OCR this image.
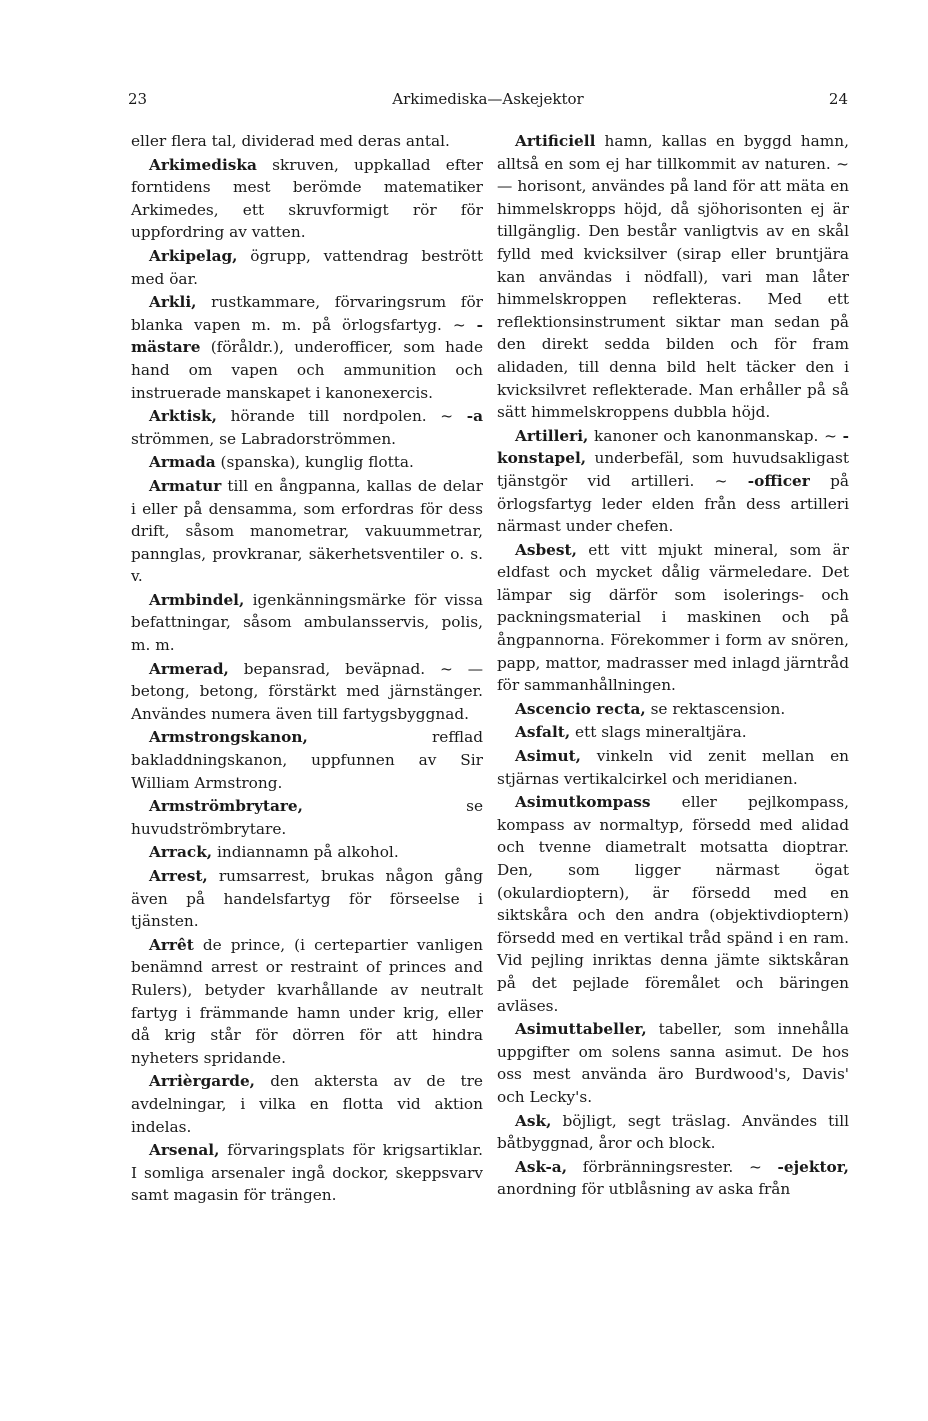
23	Arkimediska—Askejektor	24

eller flera tal, dividerad med deras antal.

Arkimediska skruven, uppkallad efter forntidens mest berömde matematiker Arkimedes, ett skruvformigt rör för uppfordring av vatten.

Arkipelag, ögrupp, vattendrag bestrött med öar.

Arkli, rustkammare, förvaringsrum för blanka vapen m. m. på örlogsfartyg. ~ -mästare (föråldr.), underofficer, som hade hand om vapen och ammunition och instruerade manskapet i kanonexercis.

Arktisk, hörande till nordpolen. ~ -a strömmen, se Labradorströmmen.

Armada (spanska), kunglig flotta.

Armatur till en ångpanna, kallas de delar i eller på densamma, som erfordras för dess drift, såsom manometrar, vakuummetrar, pannglas, provkranar, säkerhetsventiler o. s. v.

Armbindel, igenkänningsmärke för vissa befattningar, såsom ambulansservis, polis, m. m.

Armerad, bepansrad, beväpnad. ~ — betong, betong, förstärkt med järnstänger. Användes numera även till fartygsbyggnad.

Armstrongskanon, refflad bakladdningskanon, uppfunnen av Sir William Armstrong.

Armströmbrytare, se huvudströmbrytare.

Arrack, indiannamn på alkohol.

Arrest, rumsarrest, brukas någon gång även på handelsfartyg för förseelse i tjänsten.

Arrêt de prince, (i certepartier vanligen benämnd arrest or restraint of princes and Rulers), betyder kvarhållande av neutralt fartyg i främmande hamn under krig, eller då krig står för dörren för att hindra nyheters spridande.

Arrièrgarde, den aktersta av de tre avdelningar, i vilka en flotta vid aktion indelas.

Arsenal, förvaringsplats för krigsartiklar. I somliga arsenaler ingå dockor, skeppsvarv samt magasin för trängen.

Artificiell hamn, kallas en byggd hamn, alltså en som ej har tillkommit av naturen. ~ — horisont, användes på land för att mäta en himmelskropps höjd, då sjöhorisonten ej är tillgänglig. Den består vanligtvis av en skål fylld med kvicksilver (sirap eller bruntjära kan användas i nödfall), vari man låter himmelskroppen reflekteras. Med ett reflektionsinstrument siktar man sedan på den direkt sedda bilden och för fram alidaden, till denna bild helt täcker den i kvicksilvret reflekterade. Man erhåller på så sätt himmelskroppens dubbla höjd.

Artilleri, kanoner och kanonmanskap. ~ -konstapel, underbefäl, som huvudsakligast tjänstgör vid artilleri. ~ -officer på örlogsfartyg leder elden från dess artilleri närmast under chefen.

Asbest, ett vitt mjukt mineral, som är eldfast och mycket dålig värmeledare. Det lämpar sig därför som isolerings- och packningsmaterial i maskinen och på ångpannorna. Förekommer i form av snören, papp, mattor, madrasser med inlagd järntråd för sammanhållningen.

Ascencio recta, se rektascension.

Asfalt, ett slags mineraltjära.

Asimut, vinkeln vid zenit mellan en stjärnas vertikalcirkel och meridianen.

Asimutkompass eller pejlkompass, kompass av normaltyp, försedd med alidad och tvenne diametralt motsatta dioptrar. Den, som ligger närmast ögat (okulardioptern), är försedd med en siktskåra och den andra (objektivdioptern) försedd med en vertikal tråd spänd i en ram. Vid pejling inriktas denna jämte siktskåran på det pejlade föremålet och bäringen avläses.

Asimuttabeller, tabeller, som innehålla uppgifter om solens sanna asimut. De hos oss mest använda äro Burdwood's, Davis' och Lecky's.

Ask, böjligt, segt träslag. Användes till båtbyggnad, åror och block.

Ask-a, förbränningsrester. ~ -ejektor, anordning för utblåsning av aska från
